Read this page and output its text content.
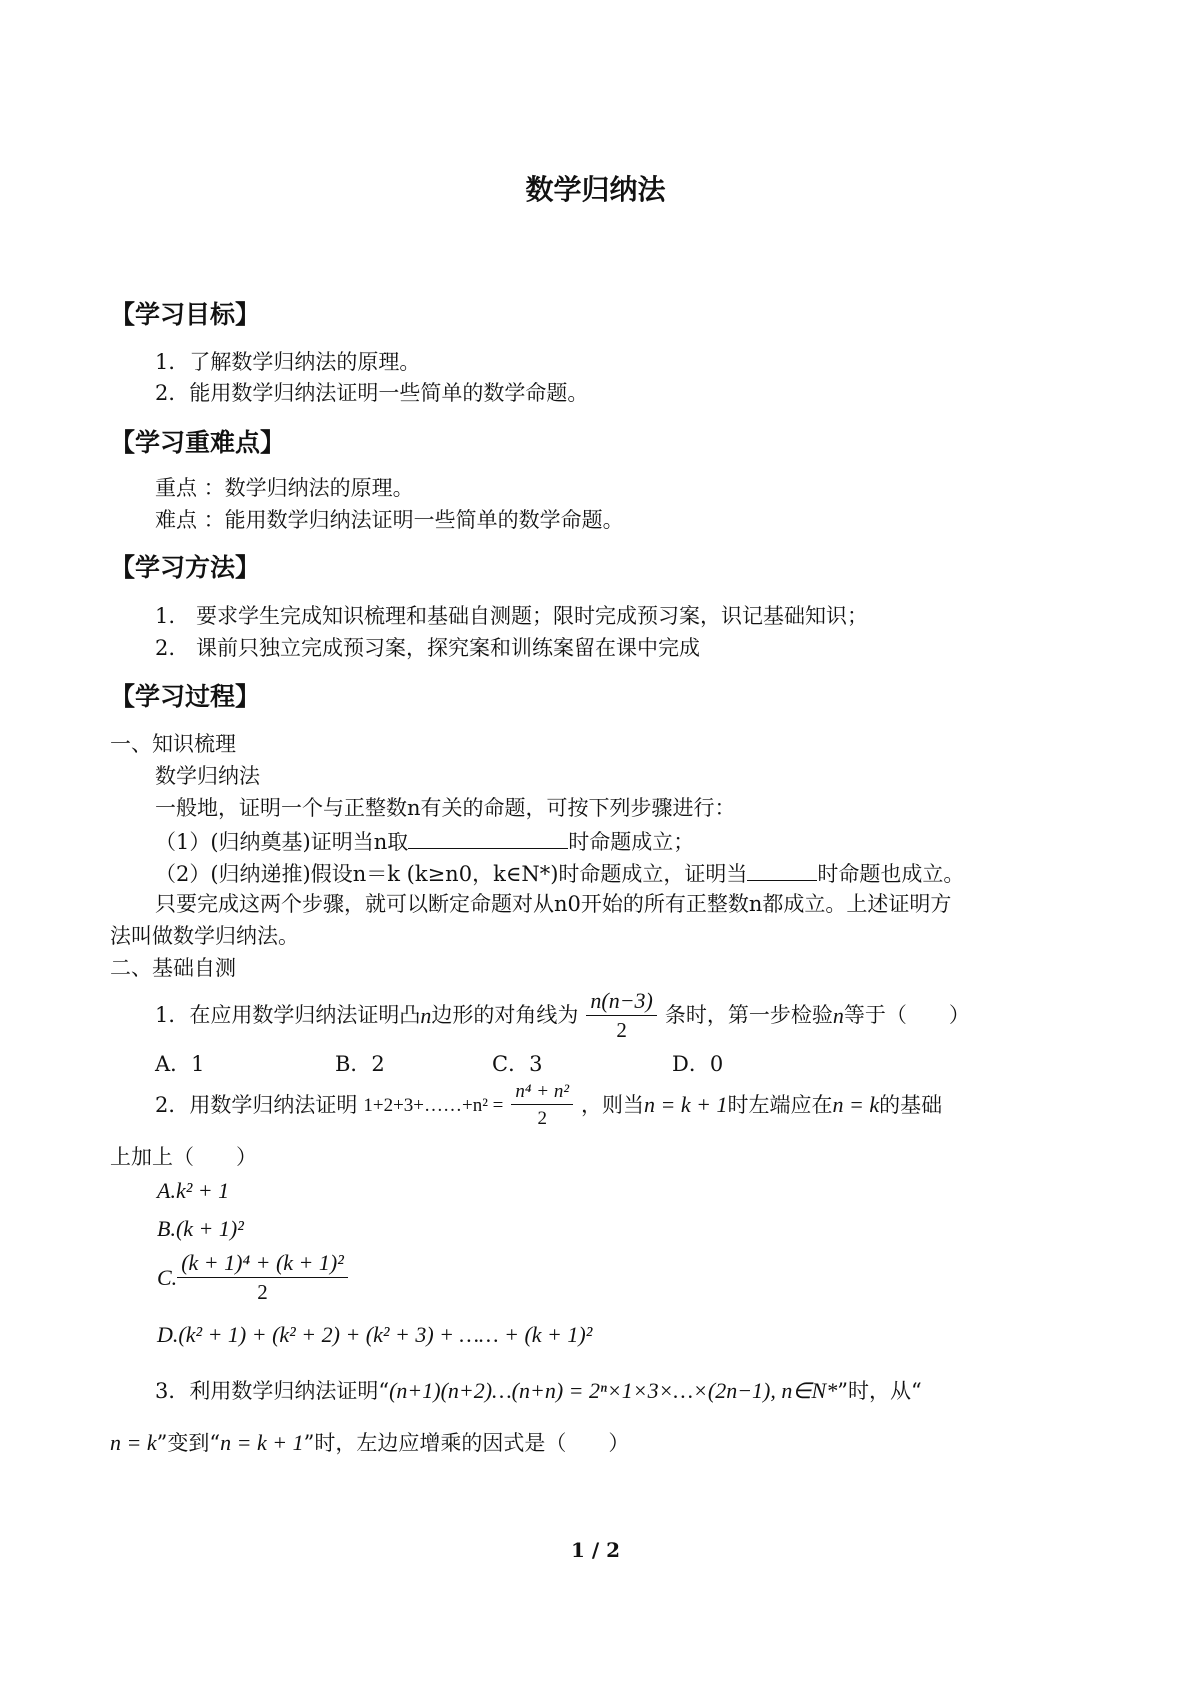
数学归纳法
【学习目标】
1．了解数学归纳法的原理。
2．能用数学归纳法证明一些简单的数学命题。
【学习重难点】
重点 ：数学归纳法的原理。
难点 ：能用数学归纳法证明一些简单的数学命题。
【学习方法】
1.　要求学生完成知识梳理和基础自测题；限时完成预习案，识记基础知识；
2.　课前只独立完成预习案，探究案和训练案留在课中完成
【学习过程】
一、知识梳理
数学归纳法
一般地，证明一个与正整数n有关的命题，可按下列步骤进行：
（1）(归纳奠基)证明当n取	时命题成立；
（2）(归纳递推)假设n＝k (k≥n0，k∈N*)时命题成立，证明当	时命题也成立。
只要完成这两个步骤，就可以断定命题对从n0开始的所有正整数n都成立。上述证明方
法叫做数学归纳法。
二、基础自测
1．在应用数学归纳法证明凸 n 边形的对角线为 $\frac{n(n-3)}{2}$ 条时，第一步检验 n 等于（　　）
A．1	B．2	C．3	D．0
2．用数学归纳法证明 1+2+3+……+n² = $\frac{\text{n⁴ + n²}}{2}$ ，则当 n = k + 1 时左端应在 n = k 的基础
上加上（　　）
A.k² + 1
B.(k + 1)²
C. $\frac{\text{(k + 1)⁴ + (k + 1)²}}{2}$
D.(k² + 1) + (k² + 2) + (k² + 3) + …… + (k + 1)²
3．利用数学归纳法证明“(n+1)(n+2)…(n+n) = 2ⁿ×1×3×…×(2n−1), n∈N*”时，从“
n = k”变到“n = k + 1”时，左边应增乘的因式是（　　）
1 / 2
